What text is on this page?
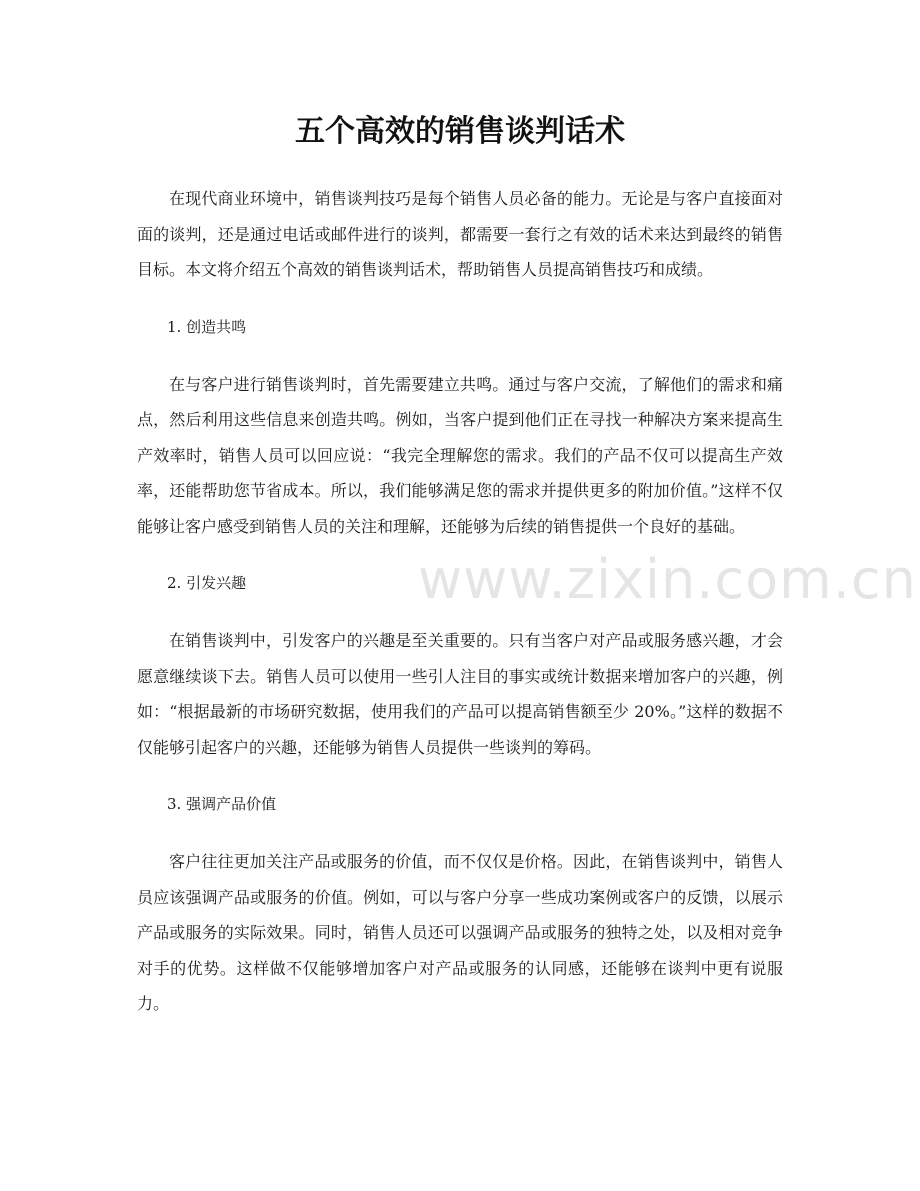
五个高效的销售谈判话术

在现代商业环境中，销售谈判技巧是每个销售人员必备的能力。无论是与客户直接面对面的谈判，还是通过电话或邮件进行的谈判，都需要一套行之有效的话术来达到最终的销售目标。本文将介绍五个高效的销售谈判话术，帮助销售人员提高销售技巧和成绩。

1. 创造共鸣

在与客户进行销售谈判时，首先需要建立共鸣。通过与客户交流，了解他们的需求和痛点，然后利用这些信息来创造共鸣。例如，当客户提到他们正在寻找一种解决方案来提高生产效率时，销售人员可以回应说：“我完全理解您的需求。我们的产品不仅可以提高生产效率，还能帮助您节省成本。所以，我们能够满足您的需求并提供更多的附加价值。”这样不仅能够让客户感受到销售人员的关注和理解，还能够为后续的销售提供一个良好的基础。

2. 引发兴趣

在销售谈判中，引发客户的兴趣是至关重要的。只有当客户对产品或服务感兴趣，才会愿意继续谈下去。销售人员可以使用一些引人注目的事实或统计数据来增加客户的兴趣，例如：“根据最新的市场研究数据，使用我们的产品可以提高销售额至少 20%。”这样的数据不仅能够引起客户的兴趣，还能够为销售人员提供一些谈判的筹码。

3. 强调产品价值

客户往往更加关注产品或服务的价值，而不仅仅是价格。因此，在销售谈判中，销售人员应该强调产品或服务的价值。例如，可以与客户分享一些成功案例或客户的反馈，以展示产品或服务的实际效果。同时，销售人员还可以强调产品或服务的独特之处，以及相对竞争对手的优势。这样做不仅能够增加客户对产品或服务的认同感，还能够在谈判中更有说服力。

www.zixin.com.cn
